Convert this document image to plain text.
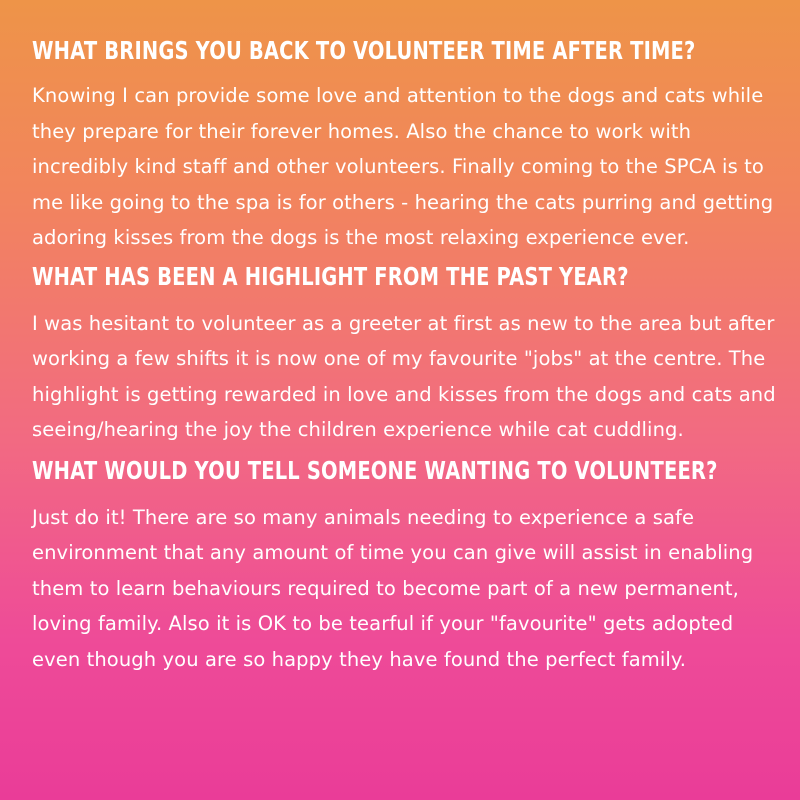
WHAT BRINGS YOU BACK TO VOLUNTEER TIME AFTER TIME?

Knowing I can provide some love and attention to the dogs and cats while they prepare for their forever homes. Also the chance to work with incredibly kind staff and other volunteers. Finally coming to the SPCA is to me like going to the spa is for others - hearing the cats purring and getting adoring kisses from the dogs is the most relaxing experience ever.

WHAT HAS BEEN A HIGHLIGHT FROM THE PAST YEAR?

I was hesitant to volunteer as a greeter at first as new to the area but after working a few shifts it is now one of my favourite "jobs" at the centre. The highlight is getting rewarded in love and kisses from the dogs and cats and seeing/hearing the joy the children experience while cat cuddling.

WHAT WOULD YOU TELL SOMEONE WANTING TO VOLUNTEER?

Just do it! There are so many animals needing to experience a safe environment that any amount of time you can give will assist in enabling them to learn behaviours required to become part of a new permanent, loving family. Also it is OK to be tearful if your "favourite" gets adopted even though you are so happy they have found the perfect family.
